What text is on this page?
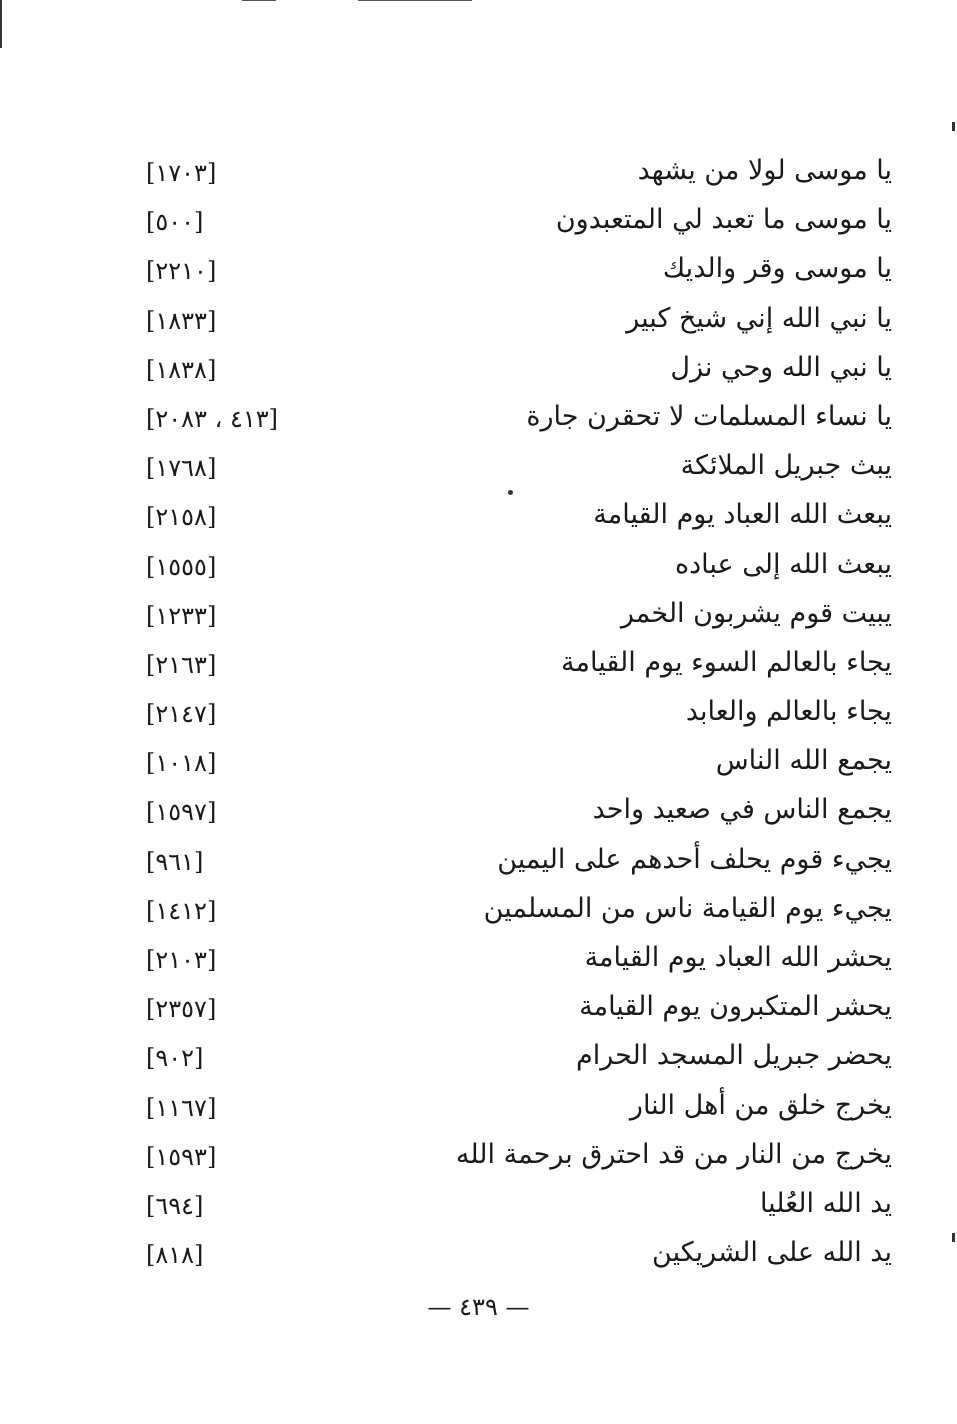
يا موسى لولا من يشهد
[١٧٠٣]
يا موسى ما تعبد لي المتعبدون
[٥٠٠]
يا موسى وقر والديك
[٢٢١٠]
يا نبي الله إني شيخ كبير
[١٨٣٣]
يا نبي الله وحي نزل
[١٨٣٨]
يا نساء المسلمات لا تحقرن جارة
[٤١٣ ، ٢٠٨٣]
يبث جبريل الملائكة
[١٧٦٨]
يبعث الله العباد يوم القيامة
[٢١٥٨]
يبعث الله إلى عباده
[١٥٥٥]
يبيت قوم يشربون الخمر
[١٢٣٣]
يجاء بالعالم السوء يوم القيامة
[٢١٦٣]
يجاء بالعالم والعابد
[٢١٤٧]
يجمع الله الناس
[١٠١٨]
يجمع الناس في صعيد واحد
[١٥٩٧]
يجيء قوم يحلف أحدهم على اليمين
[٩٦١]
يجيء يوم القيامة ناس من المسلمين
[١٤١٢]
يحشر الله العباد يوم القيامة
[٢١٠٣]
يحشر المتكبرون يوم القيامة
[٢٣٥٧]
يحضر جبريل المسجد الحرام
[٩٠٢]
يخرج خلق من أهل النار
[١١٦٧]
يخرج من النار من قد احترق برحمة الله
[١٥٩٣]
يد الله العُليا
[٦٩٤]
يد الله على الشريكين
[٨١٨]
— ٤٣٩ —
